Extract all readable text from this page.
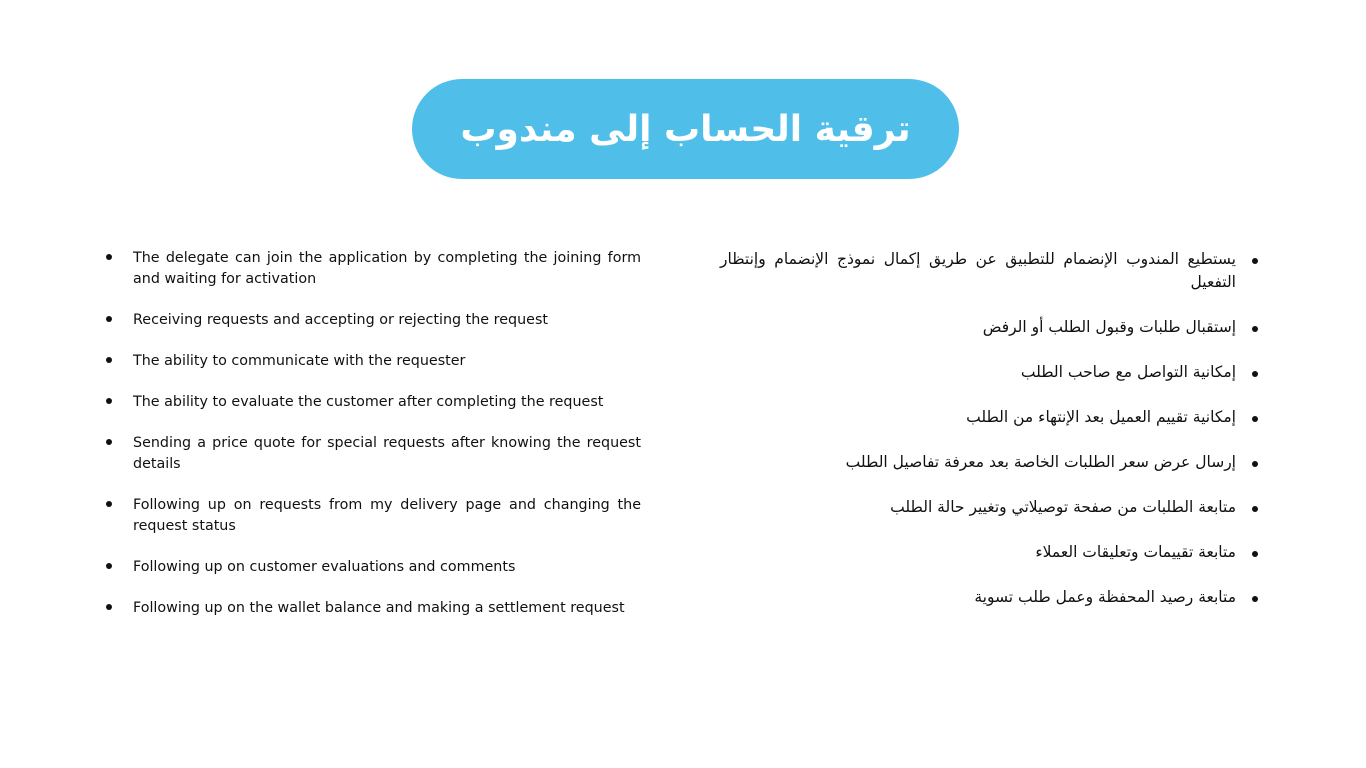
ترقية الحساب إلى مندوب
The delegate can join the application by completing the joining form and waiting for activation
Receiving requests and accepting or rejecting the request
The ability to communicate with the requester
The ability to evaluate the customer after completing the request
Sending a price quote for special requests after knowing the request details
Following up on requests from my delivery page and changing the request status
Following up on customer evaluations and comments
Following up on the wallet balance and making a settlement request
يستطيع المندوب الإنضمام للتطبيق عن طريق إكمال نموذج الإنضمام وإنتظار التفعيل
إستقبال طلبات وقبول الطلب أو الرفض
إمكانية التواصل مع صاحب الطلب
إمكانية تقييم العميل بعد الإنتهاء من الطلب
إرسال عرض سعر الطلبات الخاصة بعد معرفة تفاصيل الطلب
متابعة الطلبات من صفحة توصيلاتي وتغيير حالة الطلب
متابعة تقييمات وتعليقات العملاء
متابعة رصيد المحفظة وعمل طلب تسوية
